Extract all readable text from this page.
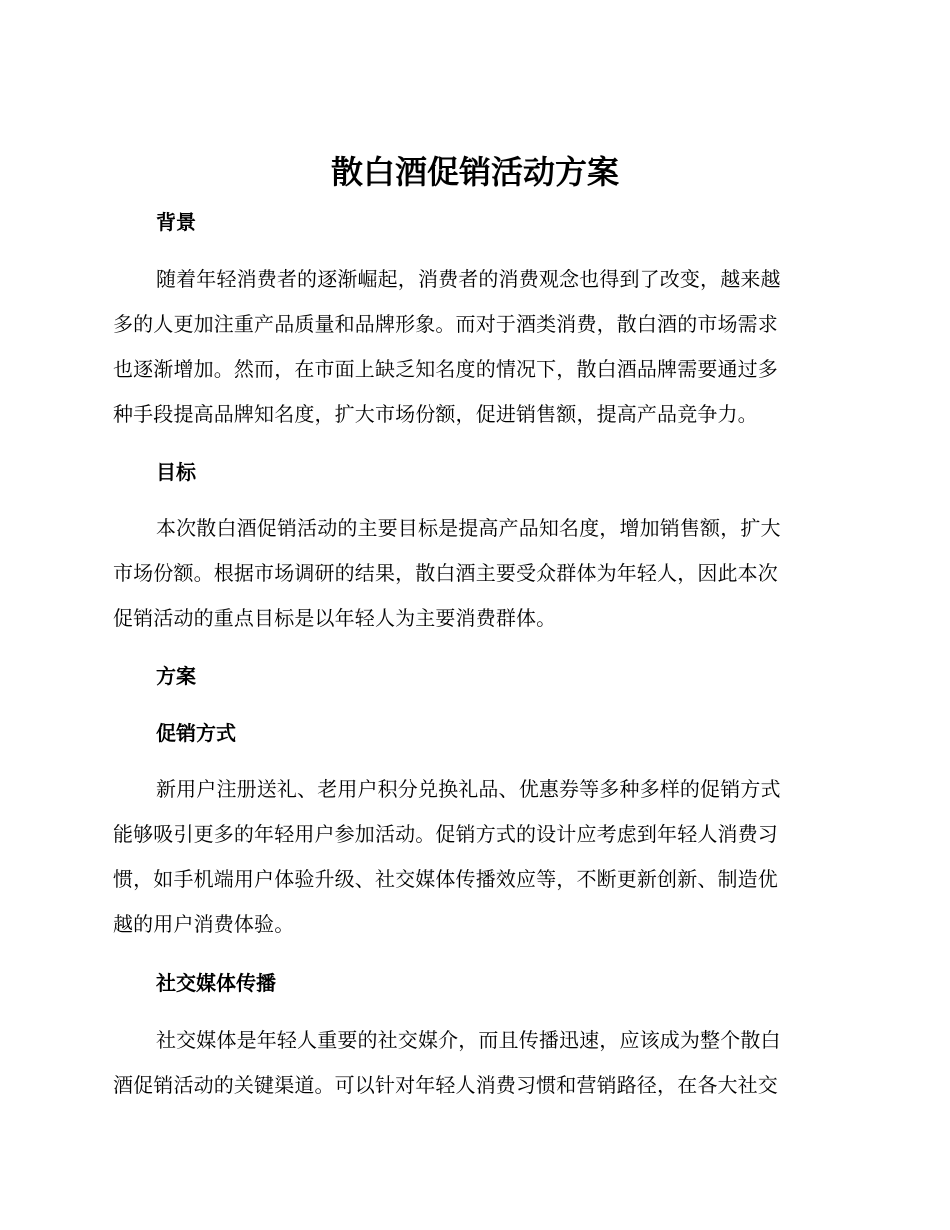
散白酒促销活动方案
背景
随着年轻消费者的逐渐崛起，消费者的消费观念也得到了改变，越来越
多的人更加注重产品质量和品牌形象。而对于酒类消费，散白酒的市场需求
也逐渐增加。然而，在市面上缺乏知名度的情况下，散白酒品牌需要通过多
种手段提高品牌知名度，扩大市场份额，促进销售额，提高产品竞争力。
目标
本次散白酒促销活动的主要目标是提高产品知名度，增加销售额，扩大
市场份额。根据市场调研的结果，散白酒主要受众群体为年轻人，因此本次
促销活动的重点目标是以年轻人为主要消费群体。
方案
促销方式
新用户注册送礼、老用户积分兑换礼品、优惠券等多种多样的促销方式
能够吸引更多的年轻用户参加活动。促销方式的设计应考虑到年轻人消费习
惯，如手机端用户体验升级、社交媒体传播效应等，不断更新创新、制造优
越的用户消费体验。
社交媒体传播
社交媒体是年轻人重要的社交媒介，而且传播迅速，应该成为整个散白
酒促销活动的关键渠道。可以针对年轻人消费习惯和营销路径，在各大社交
